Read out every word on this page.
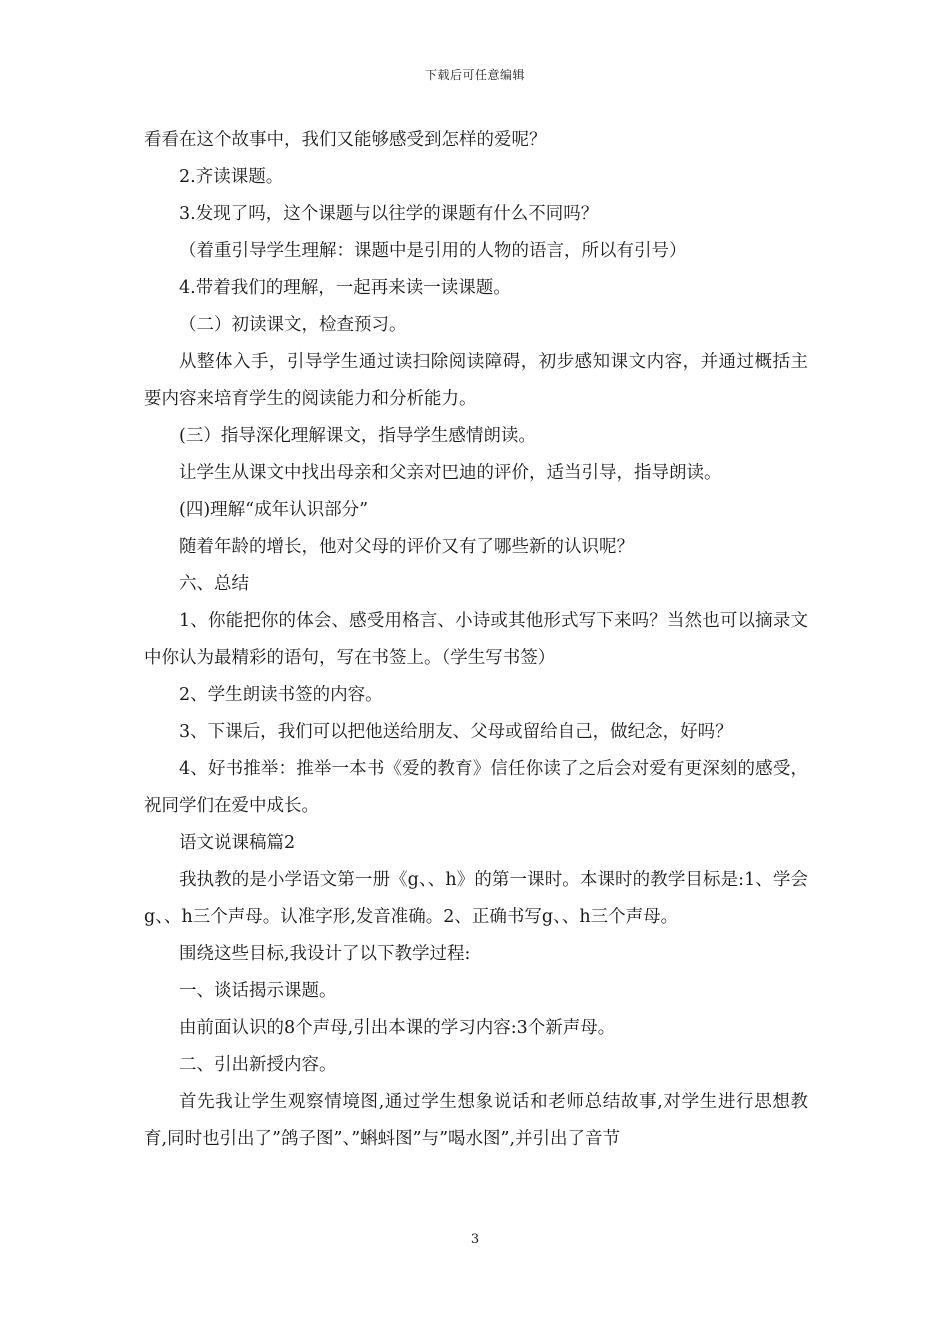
下载后可任意编辑

看看在这个故事中，我们又能够感受到怎样的爱呢？

2.齐读课题。

3.发现了吗，这个课题与以往学的课题有什么不同吗？

（着重引导学生理解：课题中是引用的人物的语言，所以有引号）

4.带着我们的理解，一起再来读一读课题。

（二）初读课文，检查预习。

从整体入手，引导学生通过读扫除阅读障碍，初步感知课文内容，并通过概括主要内容来培育学生的阅读能力和分析能力。

(三）指导深化理解课文，指导学生感情朗读。

让学生从课文中找出母亲和父亲对巴迪的评价，适当引导，指导朗读。

(四)理解“成年认识部分”

随着年龄的增长，他对父母的评价又有了哪些新的认识呢？

六、总结

1、你能把你的体会、感受用格言、小诗或其他形式写下来吗？当然也可以摘录文中你认为最精彩的语句，写在书签上。（学生写书签）

2、学生朗读书签的内容。

3、下课后，我们可以把他送给朋友、父母或留给自己，做纪念，好吗？

4、好书推举：推举一本书《爱的教育》信任你读了之后会对爱有更深刻的感受，祝同学们在爱中成长。

语文说课稿篇2

我执教的是小学语文第一册《g、、h》的第一课时。本课时的教学目标是:1、学会g、、h三个声母。认准字形,发音准确。2、正确书写g、、h三个声母。

围绕这些目标,我设计了以下教学过程:

一、谈话揭示课题。

由前面认识的8个声母,引出本课的学习内容:3个新声母。

二、引出新授内容。

首先我让学生观察情境图,通过学生想象说话和老师总结故事,对学生进行思想教育,同时也引出了”鸽子图”、”蝌蚪图”与”喝水图”,并引出了音节

3
